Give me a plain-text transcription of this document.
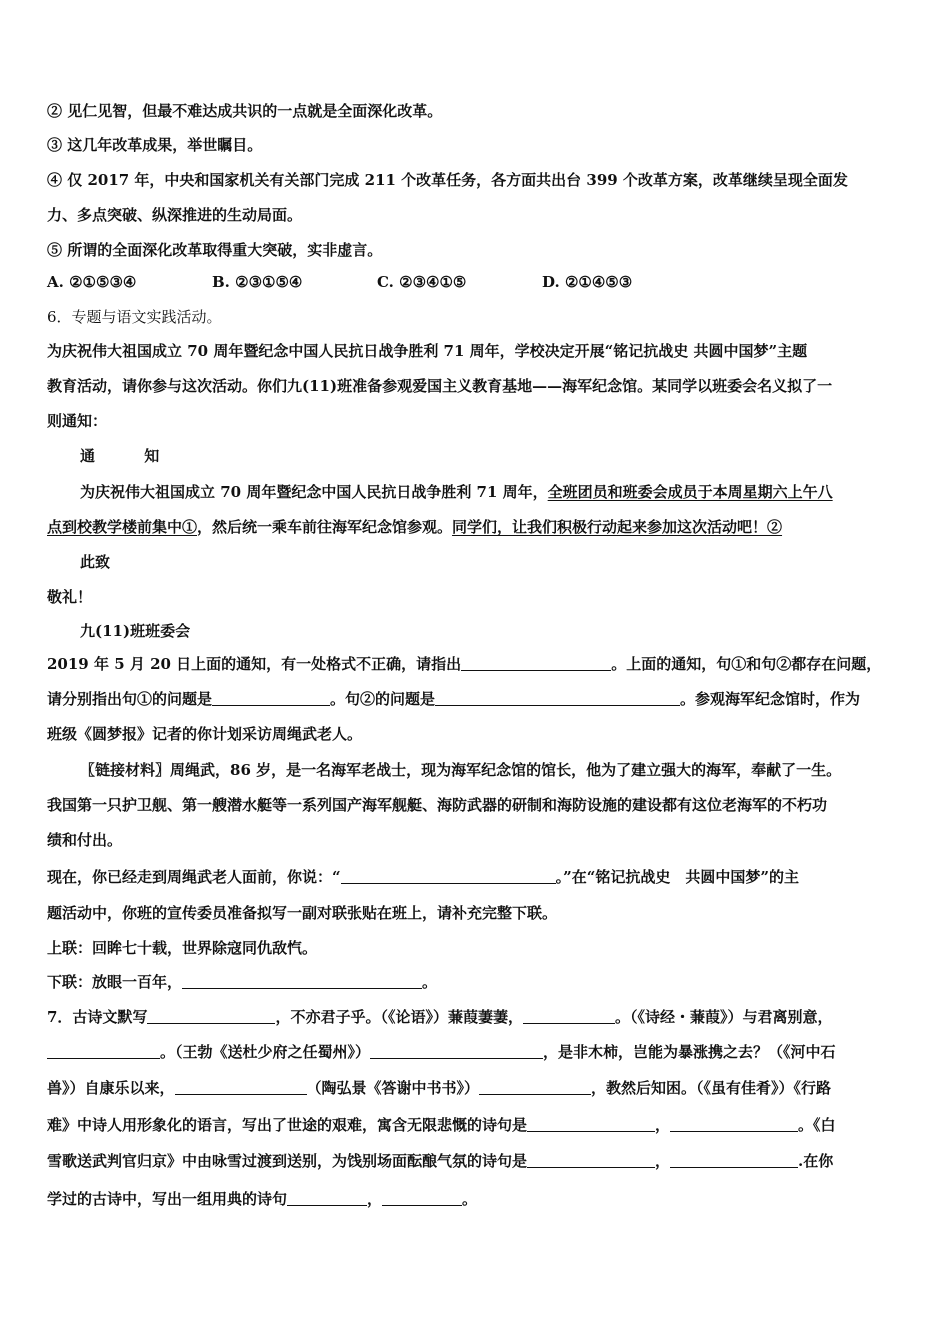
② 见仁见智，但最不难达成共识的一点就是全面深化改革。
③ 这几年改革成果，举世瞩目。
④ 仅 2017 年，中央和国家机关有关部门完成 211 个改革任务，各方面共出台 399 个改革方案，改革继续呈现全面发
力、多点突破、纵深推进的生动局面。
⑤ 所谓的全面深化改革取得重大突破，实非虚言。
A. ②①⑤③④	B. ②③①⑤④	C. ②③④①⑤	D. ②①④⑤③
6．专题与语文实践活动。
为庆祝伟大祖国成立 70 周年暨纪念中国人民抗日战争胜利 71 周年，学校决定开展“铭记抗战史 共圆中国梦”主题
教育活动，请你参与这次活动。你们九(11)班准备参观爱国主义教育基地——海军纪念馆。某同学以班委会名义拟了一
则通知：
通 知
为庆祝伟大祖国成立 70 周年暨纪念中国人民抗日战争胜利 71 周年，全班团员和班委会成员于本周星期六上午八
点到校教学楼前集中①，然后统一乘车前往海军纪念馆参观。同学们，让我们积极行动起来参加这次活动吧！②
此致
敬礼！
九(11)班班委会
2019 年 5 月 20 日上面的通知，有一处格式不正确，请指出	。上面的通知，句①和句②都存在问题，
请分别指出句①的问题是	。句②的问题是	。参观海军纪念馆时，作为
班级《圆梦报》记者的你计划采访周绳武老人。
〖链接材料〗周绳武，86 岁，是一名海军老战士，现为海军纪念馆的馆长，他为了建立强大的海军，奉献了一生。
我国第一只护卫舰、第一艘潜水艇等一系列国产海军舰艇、海防武器的研制和海防设施的建设都有这位老海军的不朽功
绩和付出。
现在，你已经走到周绳武老人面前，你说：“	。”在“铭记抗战史　共圆中国梦”的主
题活动中，你班的宣传委员准备拟写一副对联张贴在班上，请补充完整下联。
上联：回眸七十载，世界除寇同仇敌忾。
下联：放眼一百年，	。
7．古诗文默写	，不亦君子乎。（《论语》）蒹葭萋萋，	。（《诗经・蒹葭》）与君离别意，
。（王勃《送杜少府之任蜀州》）	，是非木柿，岂能为暴涨携之去？（《河中石
兽》）自康乐以来，	（陶弘景《答谢中书书》）	，教然后知困。（《虽有佳肴》）《行路
难》中诗人用形象化的语言，写出了世途的艰难，寓含无限悲慨的诗句是	，	。《白
雪歌送武判官归京》中由咏雪过渡到送别，为饯别场面酝酿气氛的诗句是	，	.在你
学过的古诗中，写出一组用典的诗句	，	。
